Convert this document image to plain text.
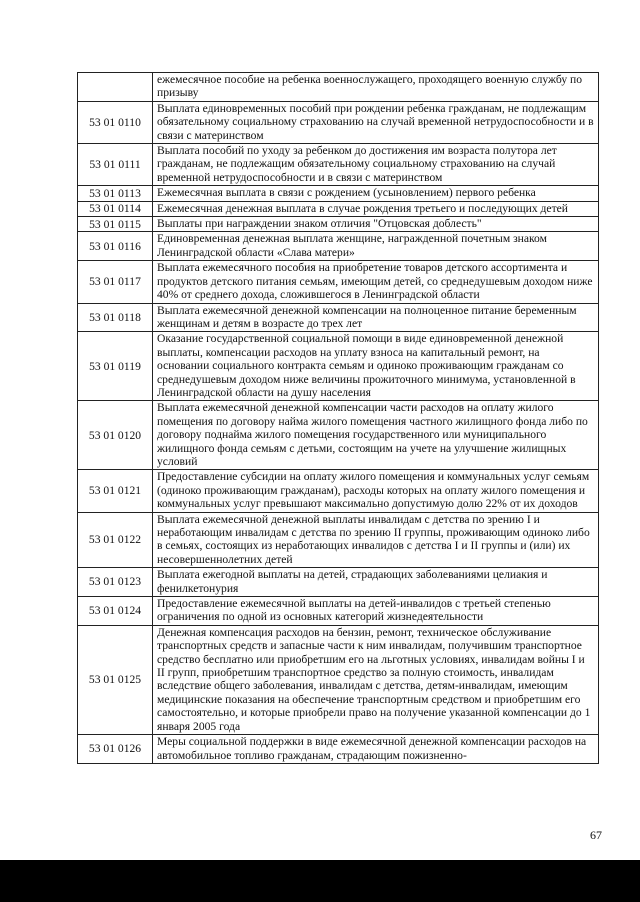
	ежемесячное пособие на ребенка военнослужащего, проходящего военную службу по призыву
53 01 0110	Выплата единовременных пособий при рождении ребенка гражданам, не подлежащим обязательному социальному страхованию на случай временной нетрудоспособности и в связи с материнством
53 01 0111	Выплата пособий по уходу за ребенком до достижения им возраста полутора лет гражданам, не подлежащим обязательному социальному страхованию на случай временной нетрудоспособности и в связи с материнством
53 01 0113	Ежемесячная выплата в связи с рождением (усыновлением) первого ребенка
53 01 0114	Ежемесячная денежная выплата в случае рождения третьего и последующих детей
53 01 0115	Выплаты при награждении знаком отличия "Отцовская доблесть"
53 01 0116	Единовременная денежная выплата женщине, награжденной почетным знаком Ленинградской области «Слава матери»
53 01 0117	Выплата ежемесячного пособия на приобретение товаров детского ассортимента и продуктов детского питания семьям, имеющим детей, со среднедушевым доходом ниже 40% от среднего дохода, сложившегося в Ленинградской области
53 01 0118	Выплата ежемесячной денежной компенсации на полноценное питание беременным женщинам и детям в возрасте до трех лет
53 01 0119	Оказание государственной социальной помощи в виде единовременной денежной выплаты, компенсации расходов на уплату взноса на капитальный ремонт, на основании социального контракта семьям и одиноко проживающим гражданам со среднедушевым доходом ниже величины прожиточного минимума, установленной в Ленинградской области на душу населения
53 01 0120	Выплата ежемесячной денежной компенсации части расходов на оплату жилого помещения по договору найма жилого помещения частного жилищного фонда либо по договору поднайма жилого помещения государственного или муниципального жилищного фонда семьям с детьми, состоящим на учете на улучшение жилищных условий
53 01 0121	Предоставление субсидии на оплату жилого помещения и коммунальных услуг семьям (одиноко проживающим гражданам), расходы которых на оплату жилого помещения и коммунальных услуг превышают максимально допустимую долю 22% от их доходов
53 01 0122	Выплата ежемесячной денежной выплаты инвалидам с детства по зрению I и неработающим инвалидам с детства по зрению II группы, проживающим одиноко либо в семьях, состоящих из неработающих инвалидов с детства I и II группы и (или) их несовершеннолетних детей
53 01 0123	Выплата ежегодной выплаты на детей, страдающих заболеваниями целиакия и фенилкетонурия
53 01 0124	Предоставление ежемесячной выплаты на детей-инвалидов с третьей степенью ограничения по одной из основных категорий жизнедеятельности
53 01 0125	Денежная компенсация расходов на бензин, ремонт, техническое обслуживание транспортных средств и запасные части к ним инвалидам, получившим транспортное средство бесплатно или приобретшим его на льготных условиях, инвалидам войны I и II групп, приобретшим транспортное средство за полную стоимость, инвалидам вследствие общего заболевания, инвалидам с детства, детям-инвалидам, имеющим медицинские показания на обеспечение транспортным средством и приобретшим его самостоятельно, и которые приобрели право на получение указанной компенсации до 1 января 2005 года
53 01 0126	Меры социальной поддержки в виде ежемесячной денежной компенсации расходов на автомобильное топливо гражданам, страдающим пожизненно-
67
